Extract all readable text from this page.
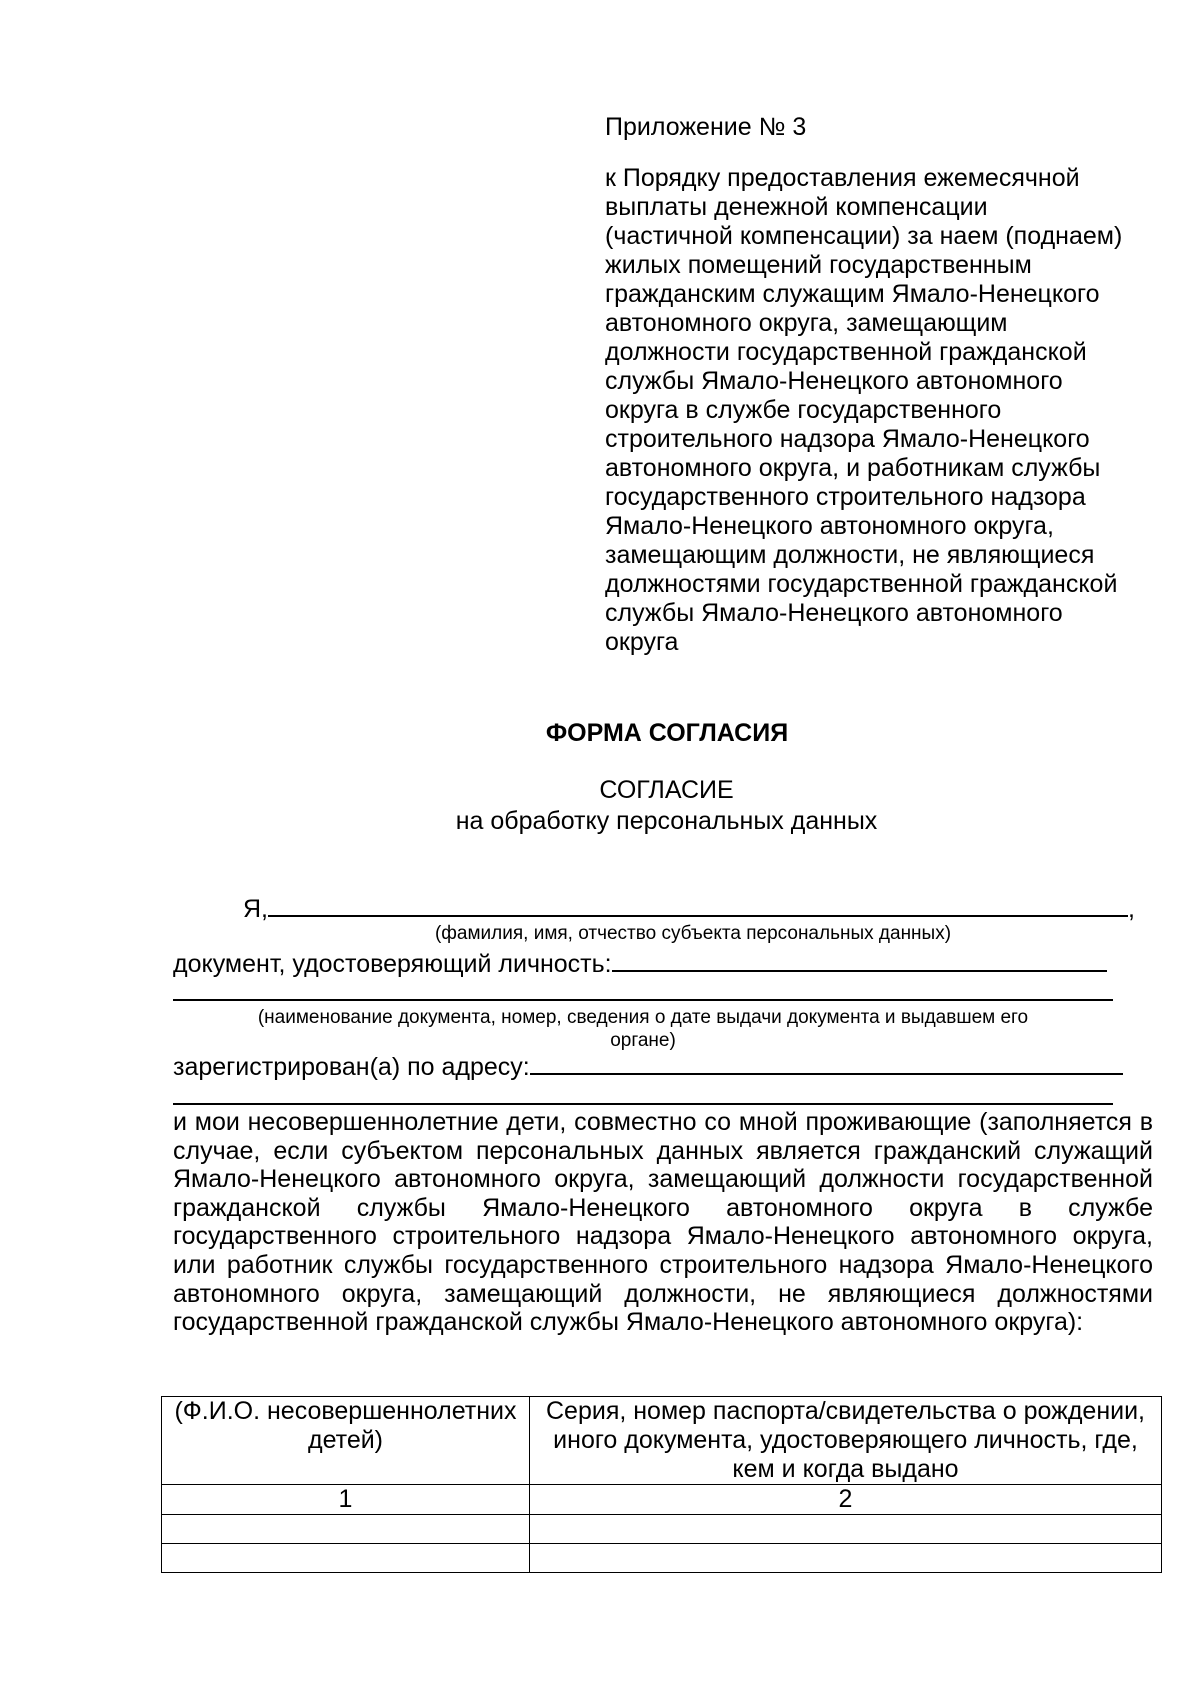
Приложение № 3

к Порядку предоставления ежемесячной
выплаты денежной компенсации
(частичной компенсации) за наем (поднаем)
жилых помещений государственным
гражданским служащим Ямало-Ненецкого
автономного округа, замещающим
должности государственной гражданской
службы Ямало-Ненецкого автономного
округа в службе государственного
строительного надзора Ямало-Ненецкого
автономного округа, и работникам службы
государственного строительного надзора
Ямало-Ненецкого автономного округа,
замещающим должности, не являющиеся
должностями государственной гражданской
службы Ямало-Ненецкого автономного
округа

ФОРМА СОГЛАСИЯ
СОГЛАСИЕ
на обработку персональных данных
Я,	,
(фамилия, имя, отчество субъекта персональных данных)
документ, удостоверяющий личность:
(наименование документа, номер, сведения о дате выдачи документа и выдавшем его
органе)
зарегистрирован(а) по адресу:

и мои несовершеннолетние дети, совместно со мной проживающие (заполняется в случае, если субъектом персональных данных является гражданский служащий Ямало-Ненецкого автономного округа, замещающий должности государственной гражданской службы Ямало-Ненецкого автономного округа в службе государственного строительного надзора Ямало-Ненецкого автономного округа, или работник службы государственного строительного надзора Ямало-Ненецкого автономного округа, замещающий должности, не являющиеся должностями государственной гражданской службы Ямало-Ненецкого автономного округа):

(Ф.И.О. несовершеннолетних детей)	Серия, номер паспорта/свидетельства о рождении, иного документа, удостоверяющего личность, где, кем и когда выдано
1	2
